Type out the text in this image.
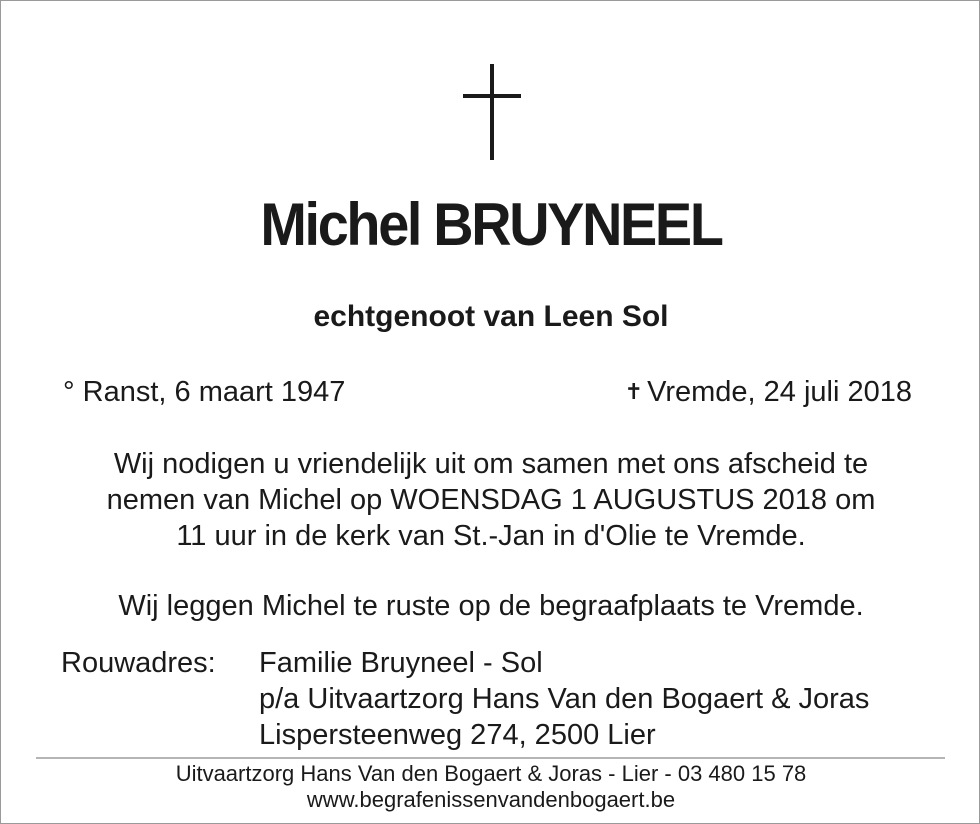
Michel BRUYNEEL
echtgenoot van Leen Sol
° Ranst, 6 maart 1947	✝ Vremde, 24 juli 2018

Wij nodigen u vriendelijk uit om samen met ons afscheid te

nemen van Michel op WOENSDAG 1 AUGUSTUS 2018 om

11 uur in de kerk van St.-Jan in d'Olie te Vremde.

Wij leggen Michel te ruste op de begraafplaats te Vremde.
Rouwadres: Familie Bruyneel - Sol
p/a Uitvaartzorg Hans Van den Bogaert & Joras
Lispersteenweg 274, 2500 Lier
Uitvaartzorg Hans Van den Bogaert & Joras - Lier - 03 480 15 78
www.begrafenissenvandenbogaert.be
